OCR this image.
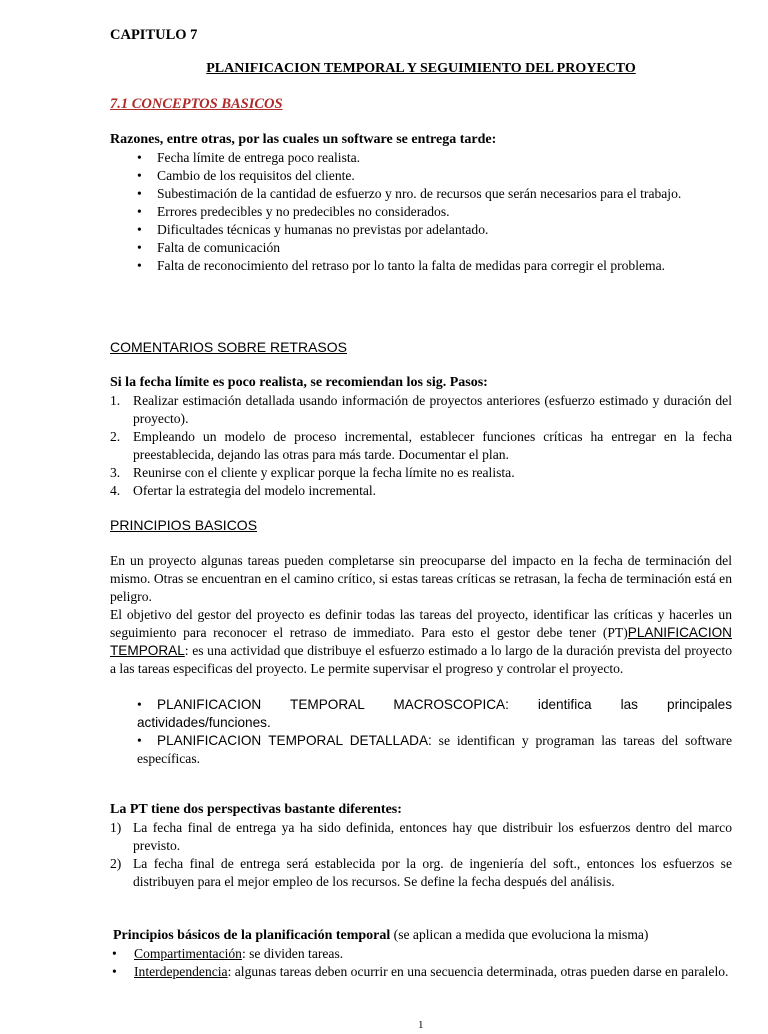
CAPITULO 7
PLANIFICACION TEMPORAL Y SEGUIMIENTO DEL PROYECTO
7.1 CONCEPTOS BASICOS
Razones, entre otras, por las cuales un software se entrega tarde:
• Fecha límite de entrega poco realista.
• Cambio de los requisitos del cliente.
• Subestimación de la cantidad de esfuerzo y nro. de recursos que serán necesarios para el trabajo.
• Errores predecibles y no predecibles no considerados.
• Dificultades técnicas y humanas no previstas por adelantado.
• Falta de comunicación
• Falta de reconocimiento del retraso por lo tanto la falta de medidas para corregir el problema.
COMENTARIOS SOBRE RETRASOS
Si la fecha límite es poco realista, se recomiendan los sig. Pasos:
1. Realizar estimación detallada usando información de proyectos anteriores (esfuerzo estimado y duración del proyecto).
2. Empleando un modelo de proceso incremental, establecer funciones críticas ha entregar en la fecha preestablecida, dejando las otras para más tarde. Documentar el plan.
3. Reunirse con el cliente y explicar porque la fecha límite no es realista.
4. Ofertar la estrategia del modelo incremental.
PRINCIPIOS BASICOS
En un proyecto algunas tareas pueden completarse sin preocuparse del impacto en la fecha de terminación del mismo. Otras se encuentran en el camino crítico, si estas tareas críticas se retrasan, la fecha de terminación está en peligro.
El objetivo del gestor del proyecto es definir todas las tareas del proyecto, identificar las críticas y hacerles un seguimiento para reconocer el retraso de immediato. Para esto el gestor debe tener (PT)PLANIFICACION TEMPORAL: es una actividad que distribuye el esfuerzo estimado a lo largo de la duración prevista del proyecto a las tareas especificas del proyecto. Le permite supervisar el progreso y controlar el proyecto.
• PLANIFICACION TEMPORAL MACROSCOPICA: identifica las principales actividades/funciones.
• PLANIFICACION TEMPORAL DETALLADA: se identifican y programan las tareas del software específicas.
La PT tiene dos perspectivas bastante diferentes:
1) La fecha final de entrega ya ha sido definida, entonces hay que distribuir los esfuerzos dentro del marco previsto.
2) La fecha final de entrega será establecida por la org. de ingeniería del soft., entonces los esfuerzos se distribuyen para el mejor empleo de los recursos. Se define la fecha después del análisis.
Principios básicos de la planificación temporal (se aplican a medida que evoluciona la misma)
• Compartimentación: se dividen tareas.
• Interdependencia: algunas tareas deben ocurrir en una secuencia determinada, otras pueden darse en paralelo.
1
